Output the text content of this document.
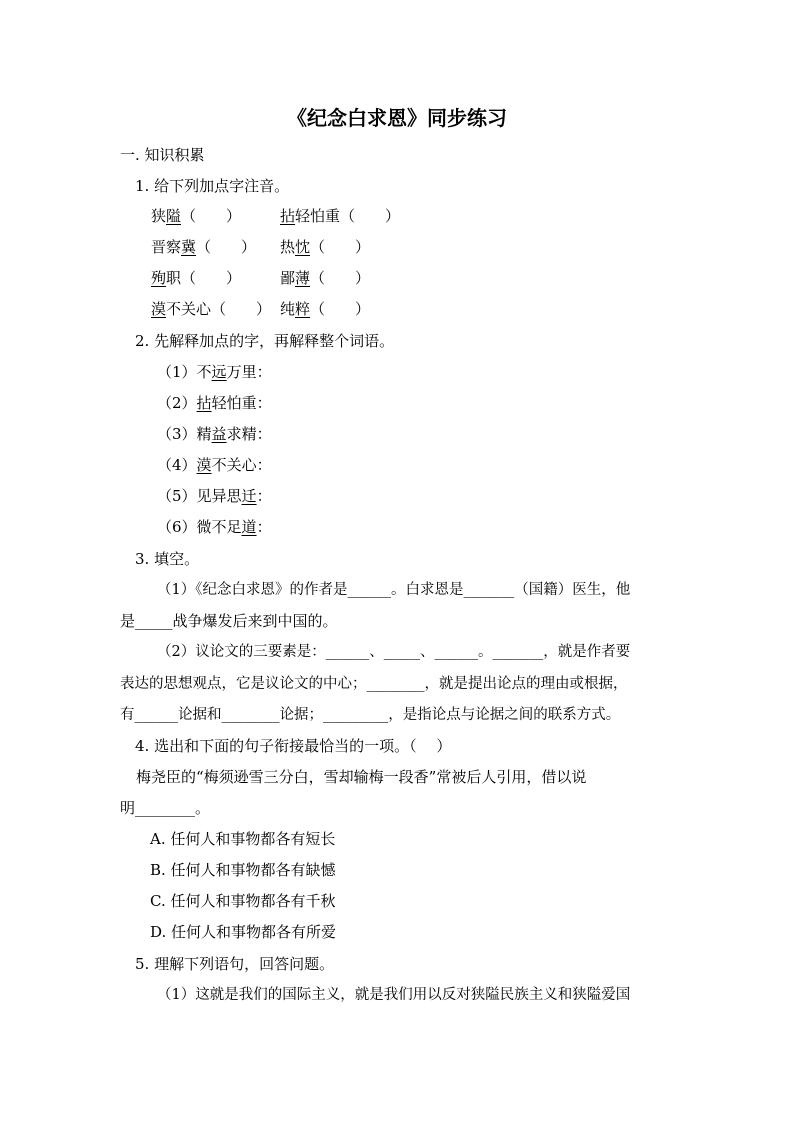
《纪念白求恩》同步练习
一. 知识积累
1. 给下列加点字注音。
狭隘（　　）	拈轻怕重（　　）
晋察冀（　　） 热忱（　　）
殉职（　　）	鄙薄（　　）
漠不关心（　　） 纯粹（　　）
2. 先解释加点的字，再解释整个词语。
（1）不远万里：
（2）拈轻怕重：
（3）精益求精：
（4）漠不关心：
（5）见异思迁：
（6）微不足道：
3. 填空。
（1）《纪念白求恩》的作者是______。白求恩是_______（国籍）医生，他
是_____战争爆发后来到中国的。
（2）议论文的三要素是：______、_____、______。_______，就是作者要
表达的思想观点，它是议论文的中心；________，就是提出论点的理由或根据，
有______论据和________论据；_________，是指论点与论据之间的联系方式。
4. 选出和下面的句子衔接最恰当的一项。（　 ）
梅尧臣的“梅须逊雪三分白，雪却输梅一段香”常被后人引用，借以说
明________。
A. 任何人和事物都各有短长
B. 任何人和事物都各有缺憾
C. 任何人和事物都各有千秋
D. 任何人和事物都各有所爱
5. 理解下列语句，回答问题。
（1）这就是我们的国际主义，就是我们用以反对狭隘民族主义和狭隘爱国
